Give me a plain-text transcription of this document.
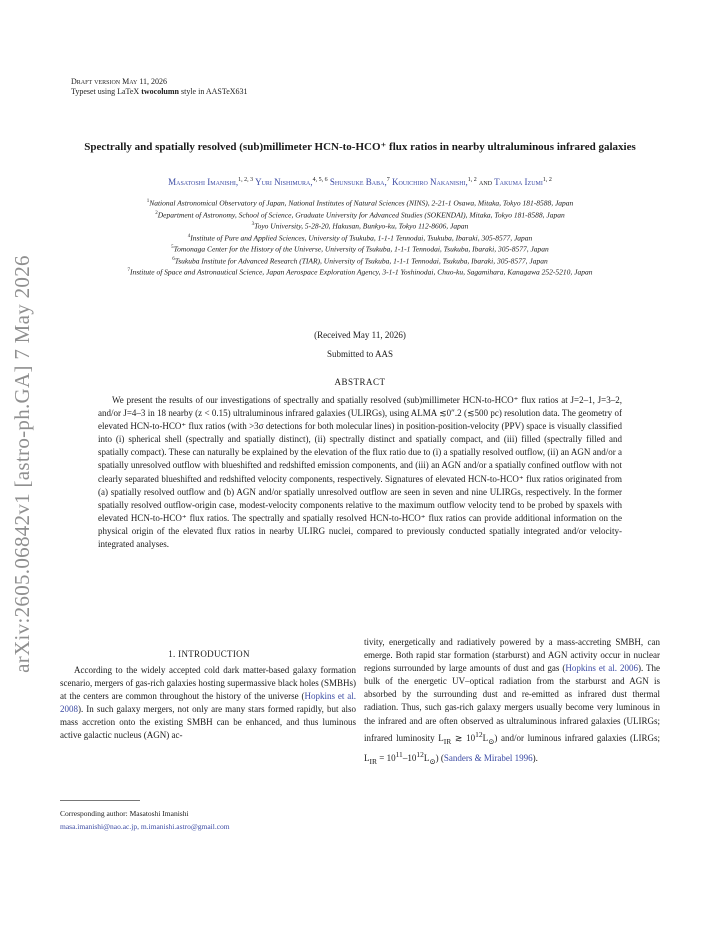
arXiv:2605.06842v1 [astro-ph.GA] 7 May 2026
Draft version May 11, 2026
Typeset using LaTeX twocolumn style in AASTeX631
Spectrally and spatially resolved (sub)millimeter HCN-to-HCO⁺ flux ratios in nearby ultraluminous infrared galaxies
Masatoshi Imanishi,$^{1, 2, 3}$ Yuri Nishimura,$^{4, 5, 6}$ Shunsuke Baba,$^7$ Kouichiro Nakanishi,$^{1, 2}$ and Takuma Izumi$^{1, 2}$
$^1$National Astronomical Observatory of Japan, National Institutes of Natural Sciences (NINS), 2-21-1 Osawa, Mitaka, Tokyo 181-8588, Japan
$^2$Department of Astronomy, School of Science, Graduate University for Advanced Studies (SOKENDAI), Mitaka, Tokyo 181-8588, Japan
$^3$Toyo University, 5-28-20, Hakusan, Bunkyo-ku, Tokyo 112-8606, Japan
$^4$Institute of Pure and Applied Sciences, University of Tsukuba, 1-1-1 Tennodai, Tsukuba, Ibaraki, 305-8577, Japan
$^5$Tomonaga Center for the History of the Universe, University of Tsukuba, 1-1-1 Tennodai, Tsukuba, Ibaraki, 305-8577, Japan
$^6$Tsukuba Institute for Advanced Research (TIAR), University of Tsukuba, 1-1-1 Tennodai, Tsukuba, Ibaraki, 305-8577, Japan
$^7$Institute of Space and Astronautical Science, Japan Aerospace Exploration Agency, 3-1-1 Yoshinodai, Chuo-ku, Sagamihara, Kanagawa 252-5210, Japan
(Received May 11, 2026)
Submitted to AAS
ABSTRACT
We present the results of our investigations of spectrally and spatially resolved (sub)millimeter HCN-to-HCO⁺ flux ratios at J=2–1, J=3–2, and/or J=4–3 in 18 nearby (z < 0.15) ultraluminous infrared galaxies (ULIRGs), using ALMA ≲0″.2 (≲500 pc) resolution data. The geometry of elevated HCN-to-HCO⁺ flux ratios (with >3σ detections for both molecular lines) in position-position-velocity (PPV) space is visually classified into (i) spherical shell (spectrally and spatially distinct), (ii) spectrally distinct and spatially compact, and (iii) filled (spectrally filled and spatially compact). These can naturally be explained by the elevation of the flux ratio due to (i) a spatially resolved outflow, (ii) an AGN and/or a spatially unresolved outflow with blueshifted and redshifted emission components, and (iii) an AGN and/or a spatially confined outflow with not clearly separated blueshifted and redshifted velocity components, respectively. Signatures of elevated HCN-to-HCO⁺ flux ratios originated from (a) spatially resolved outflow and (b) AGN and/or spatially unresolved outflow are seen in seven and nine ULIRGs, respectively. In the former spatially resolved outflow-origin case, modest-velocity components relative to the maximum outflow velocity tend to be probed by spaxels with elevated HCN-to-HCO⁺ flux ratios. The spectrally and spatially resolved HCN-to-HCO⁺ flux ratios can provide additional information on the physical origin of the elevated flux ratios in nearby ULIRG nuclei, compared to previously conducted spatially integrated and/or velocity-integrated analyses.
1. INTRODUCTION
According to the widely accepted cold dark matter-based galaxy formation scenario, mergers of gas-rich galaxies hosting supermassive black holes (SMBHs) at the centers are common throughout the history of the universe (Hopkins et al. 2008). In such galaxy mergers, not only are many stars formed rapidly, but also mass accretion onto the existing SMBH can be enhanced, and thus luminous active galactic nucleus (AGN) ac-
tivity, energetically and radiatively powered by a mass-accreting SMBH, can emerge. Both rapid star formation (starburst) and AGN activity occur in nuclear regions surrounded by large amounts of dust and gas (Hopkins et al. 2006). The bulk of the energetic UV–optical radiation from the starburst and AGN is absorbed by the surrounding dust and re-emitted as infrared dust thermal radiation. Thus, such gas-rich galaxy mergers usually become very luminous in the infrared and are often observed as ultraluminous infrared galaxies (ULIRGs; infrared luminosity $L_{IR}$ ≳ $10^{12}L_⊙$) and/or luminous infrared galaxies (LIRGs; $L_{IR} = 10^{11}-10^{12}L_⊙$) (Sanders & Mirabel 1996).
Corresponding author: Masatoshi Imanishi
masa.imanishi@nao.ac.jp, m.imanishi.astro@gmail.com
